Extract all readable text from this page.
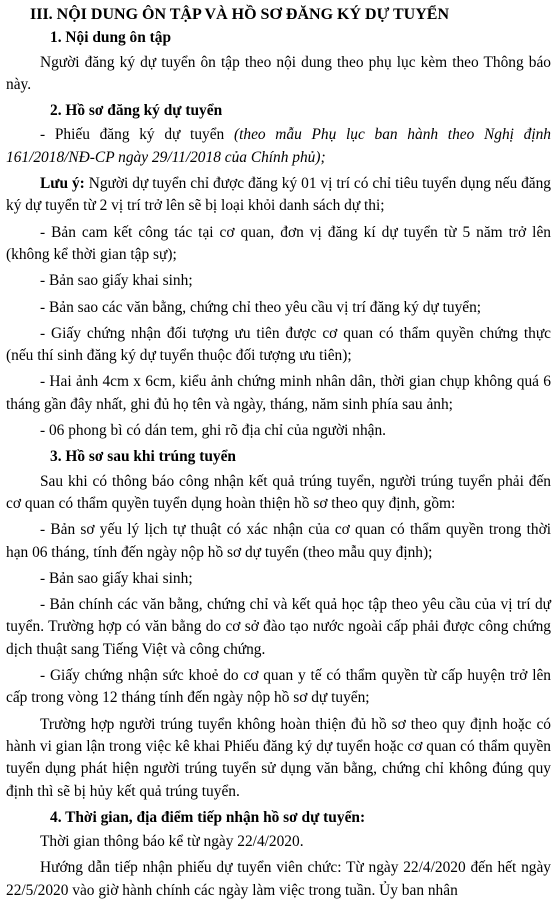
III. NỘI DUNG ÔN TẬP VÀ HỒ SƠ ĐĂNG KÝ DỰ TUYỂN
1. Nội dung ôn tập
Người đăng ký dự tuyển ôn tập theo nội dung theo phụ lục kèm theo Thông báo này.
2. Hồ sơ đăng ký dự tuyển
- Phiếu đăng ký dự tuyển (theo mẫu Phụ lục ban hành theo Nghị định 161/2018/NĐ-CP ngày 29/11/2018 của Chính phủ);
Lưu ý: Người dự tuyển chỉ được đăng ký 01 vị trí có chỉ tiêu tuyển dụng nếu đăng ký dự tuyển từ 2 vị trí trở lên sẽ bị loại khỏi danh sách dự thi;
- Bản cam kết công tác tại cơ quan, đơn vị đăng kí dự tuyển từ 5 năm trở lên (không kể thời gian tập sự);
- Bản sao giấy khai sinh;
- Bản sao các văn bằng, chứng chỉ theo yêu cầu vị trí đăng ký dự tuyển;
- Giấy chứng nhận đối tượng ưu tiên được cơ quan có thẩm quyền chứng thực (nếu thí sinh đăng ký dự tuyển thuộc đối tượng ưu tiên);
- Hai ảnh 4cm x 6cm, kiểu ảnh chứng minh nhân dân, thời gian chụp không quá 6 tháng gần đây nhất, ghi đủ họ tên và ngày, tháng, năm sinh phía sau ảnh;
- 06 phong bì có dán tem, ghi rõ địa chỉ của người nhận.
3. Hồ sơ sau khi trúng tuyển
Sau khi có thông báo công nhận kết quả trúng tuyển, người trúng tuyển phải đến cơ quan có thẩm quyền tuyển dụng hoàn thiện hồ sơ theo quy định, gồm:
- Bản sơ yếu lý lịch tự thuật có xác nhận của cơ quan có thẩm quyền trong thời hạn 06 tháng, tính đến ngày nộp hồ sơ dự tuyển (theo mẫu quy định);
- Bản sao giấy khai sinh;
- Bản chính các văn bằng, chứng chỉ và kết quả học tập theo yêu cầu của vị trí dự tuyển. Trường hợp có văn bằng do cơ sở đào tạo nước ngoài cấp phải được công chứng dịch thuật sang Tiếng Việt và công chứng.
- Giấy chứng nhận sức khoẻ do cơ quan y tế có thẩm quyền từ cấp huyện trở lên cấp trong vòng 12 tháng tính đến ngày nộp hồ sơ dự tuyển;
Trường hợp người trúng tuyển không hoàn thiện đủ hồ sơ theo quy định hoặc có hành vi gian lận trong việc kê khai Phiếu đăng ký dự tuyển hoặc cơ quan có thẩm quyền tuyển dụng phát hiện người trúng tuyển sử dụng văn bằng, chứng chỉ không đúng quy định thì sẽ bị hủy kết quả trúng tuyển.
4. Thời gian, địa điểm tiếp nhận hồ sơ dự tuyển:
Thời gian thông báo kể từ ngày 22/4/2020.
Hướng dẫn tiếp nhận phiếu dự tuyển viên chức: Từ ngày 22/4/2020 đến hết ngày 22/5/2020 vào giờ hành chính các ngày làm việc trong tuần. Ủy ban nhân
